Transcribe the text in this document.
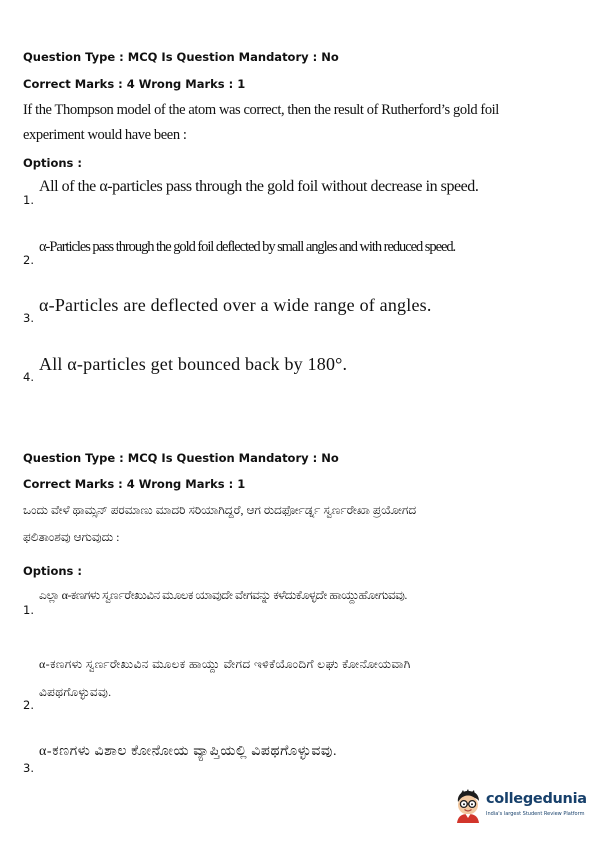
Question Type : MCQ Is Question Mandatory : No
Correct Marks : 4 Wrong Marks : 1
If the Thompson model of the atom was correct, then the result of Rutherford’s gold foil
experiment would have been :
Options :
1.
All of the α-particles pass through the gold foil without decrease in speed.
2.
α-Particles pass through the gold foil deflected by small angles and with reduced speed.
3.
α-Particles are deflected over a wide range of angles.
4.
All α-particles get bounced back by 180°.
Question Type : MCQ Is Question Mandatory : No
Correct Marks : 4 Wrong Marks : 1
ಒಂದು ವೇಳೆ ಥಾಮ್ಸನ್ ಪರಮಾಣು ಮಾದರಿ ಸರಿಯಾಗಿದ್ದರೆ, ಆಗ ರುದರ್ಫೋರ್ಡ್ನ ಸ್ವರ್ಣರೇಖಾ ಪ್ರಯೋಗದ
ಫಲಿತಾಂಶವು ಆಗುವುದು :
Options :
1.
ಎಲ್ಲಾ α-ಕಣಗಳು ಸ್ವರ್ಣರೇಖುವಿನ ಮೂಲಕ ಯಾವುದೇ ವೇಗವನ್ನು ಕಳೆದುಕೊಳ್ಳದೇ ಹಾಯ್ದುಹೋಗುವವು.
2.
α-ಕಣಗಳು ಸ್ವರ್ಣರೇಖುವಿನ ಮೂಲಕ ಹಾಯ್ದು ವೇಗದ ಇಳಿಕೆಯೊಂದಿಗೆ ಲಘು ಕೋನೋಯವಾಗಿ
ವಿಪಥಗೊಳ್ಳುವವು.
3.
α-ಕಣಗಳು ವಿಶಾಲ ಕೋನೋಯ ವ್ಯಾಪ್ತಿಯಲ್ಲಿ ವಿಪಥಗೊಳ್ಳುವವು.
collegedunia
India's largest Student Review Platform
